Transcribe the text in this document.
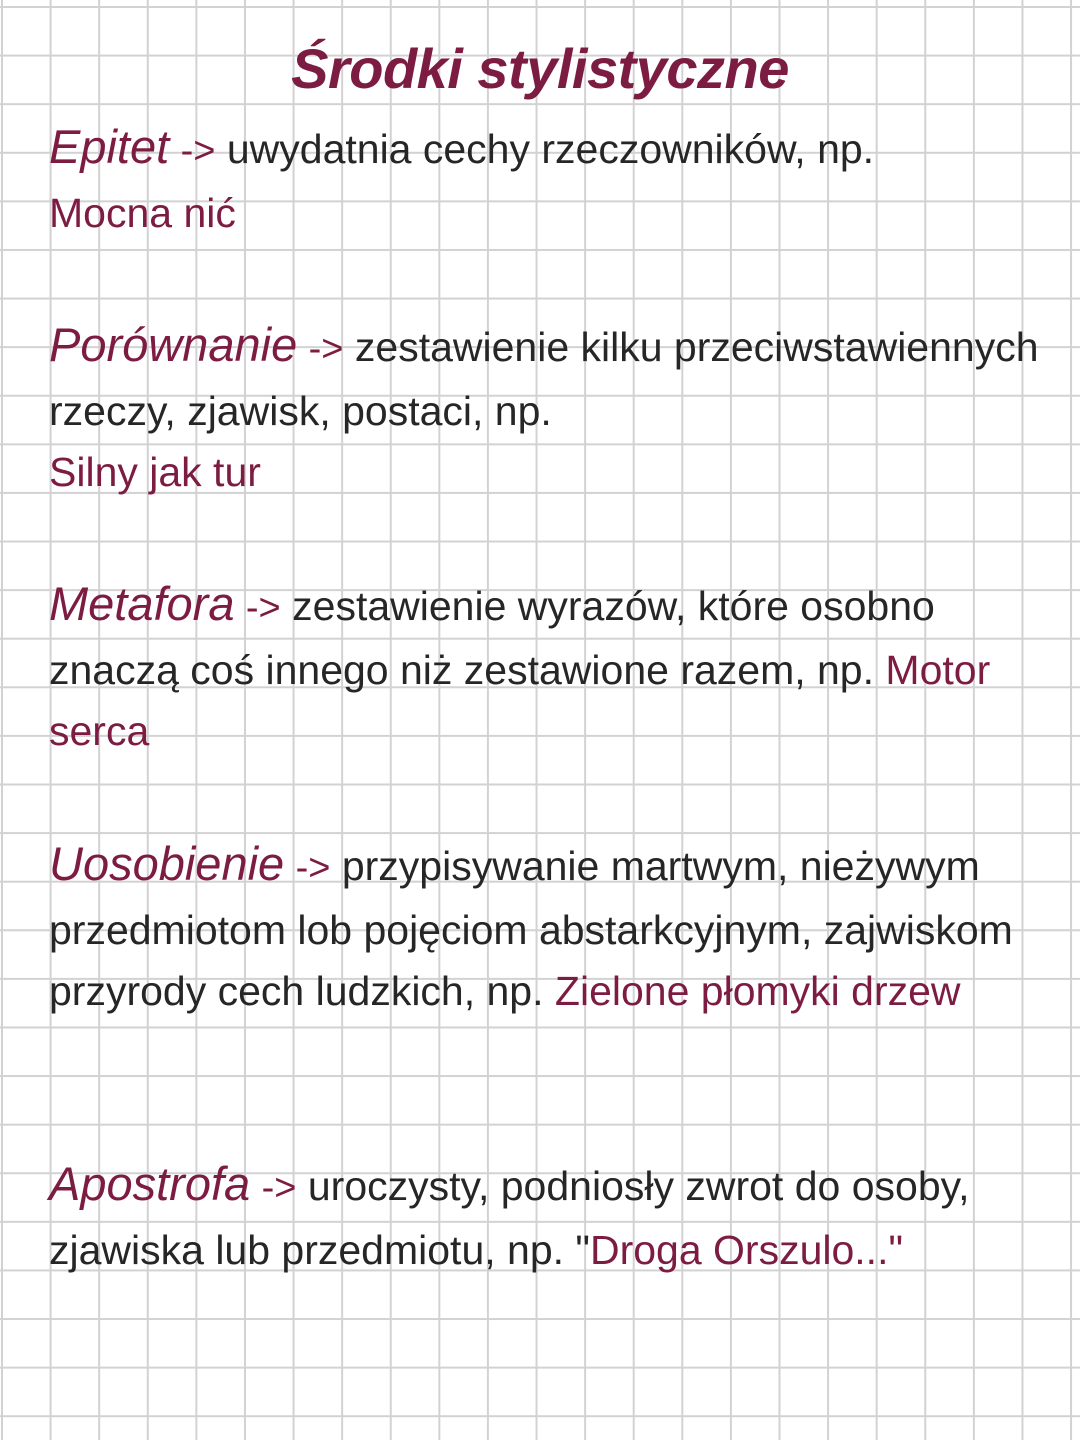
Środki stylistyczne

Epitet -> uwydatnia cechy rzeczowników, np.
Mocna nić

Porównanie -> zestawienie kilku przeciwstawiennych rzeczy, zjawisk, postaci, np.
Silny jak tur

Metafora -> zestawienie wyrazów, które osobno znaczą coś innego niż zestawione razem, np. Motor serca

Uosobienie -> przypisywanie martwym, nieżywym przedmiotom lob pojęciom abstarkcyjnym, zajwiskom przyrody cech ludzkich, np. Zielone płomyki drzew

Apostrofa -> uroczysty, podniosły zwrot do osoby, zjawiska lub przedmiotu, np. "Droga Orszulo..."
